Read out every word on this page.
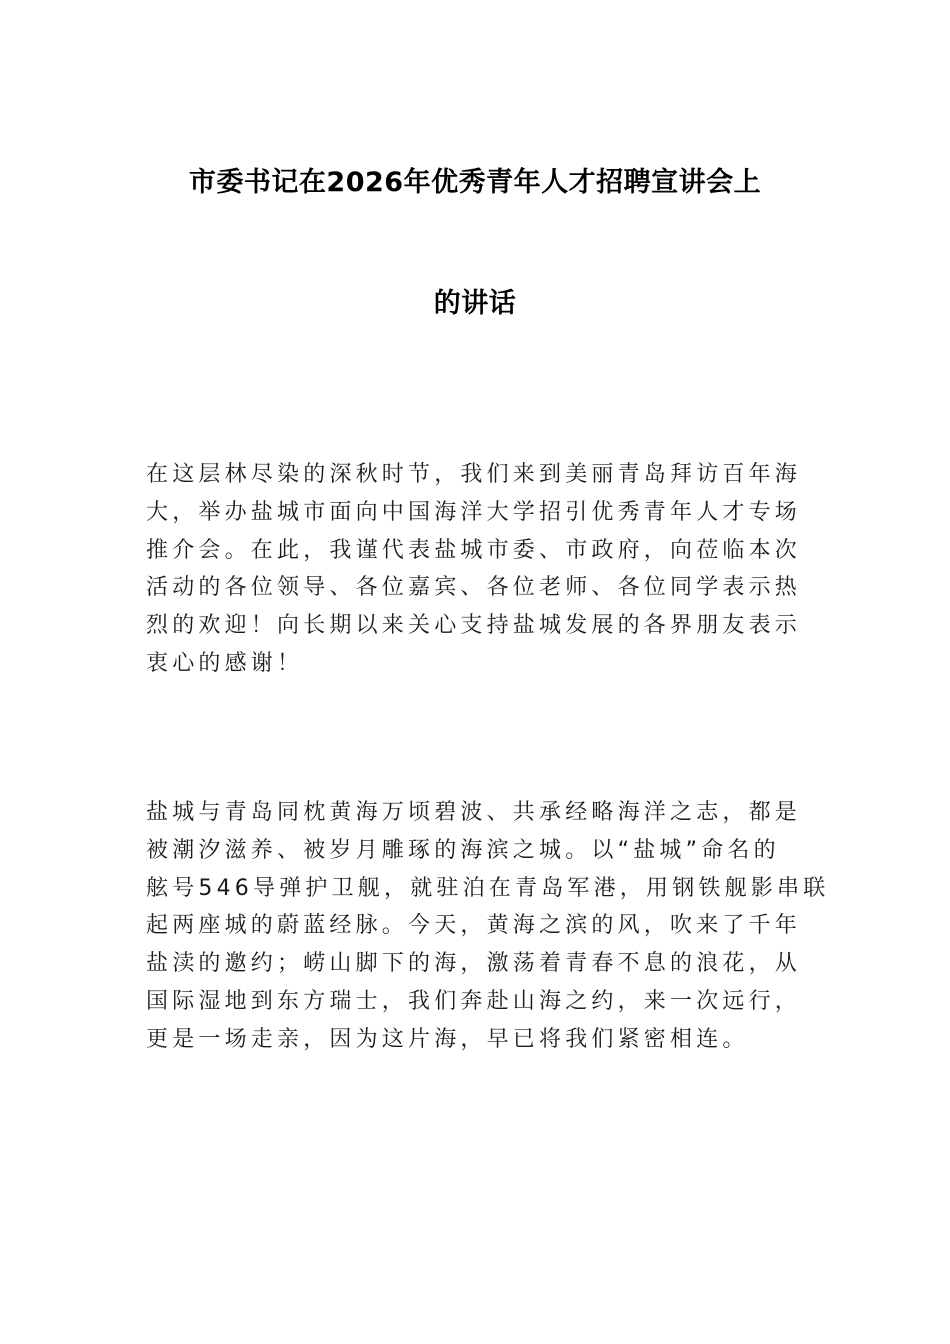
市委书记在2026年优秀青年人才招聘宣讲会上
的讲话
在这层林尽染的深秋时节，我们来到美丽青岛拜访百年海
大，举办盐城市面向中国海洋大学招引优秀青年人才专场
推介会。在此，我谨代表盐城市委、市政府，向莅临本次
活动的各位领导、各位嘉宾、各位老师、各位同学表示热
烈的欢迎！向长期以来关心支持盐城发展的各界朋友表示
衷心的感谢！
盐城与青岛同枕黄海万顷碧波、共承经略海洋之志，都是
被潮汐滋养、被岁月雕琢的海滨之城。以“盐城”命名的
舷号546导弹护卫舰，就驻泊在青岛军港，用钢铁舰影串联
起两座城的蔚蓝经脉。今天，黄海之滨的风，吹来了千年
盐渎的邀约；崂山脚下的海，激荡着青春不息的浪花，从
国际湿地到东方瑞士，我们奔赴山海之约，来一次远行，
更是一场走亲，因为这片海，早已将我们紧密相连。
